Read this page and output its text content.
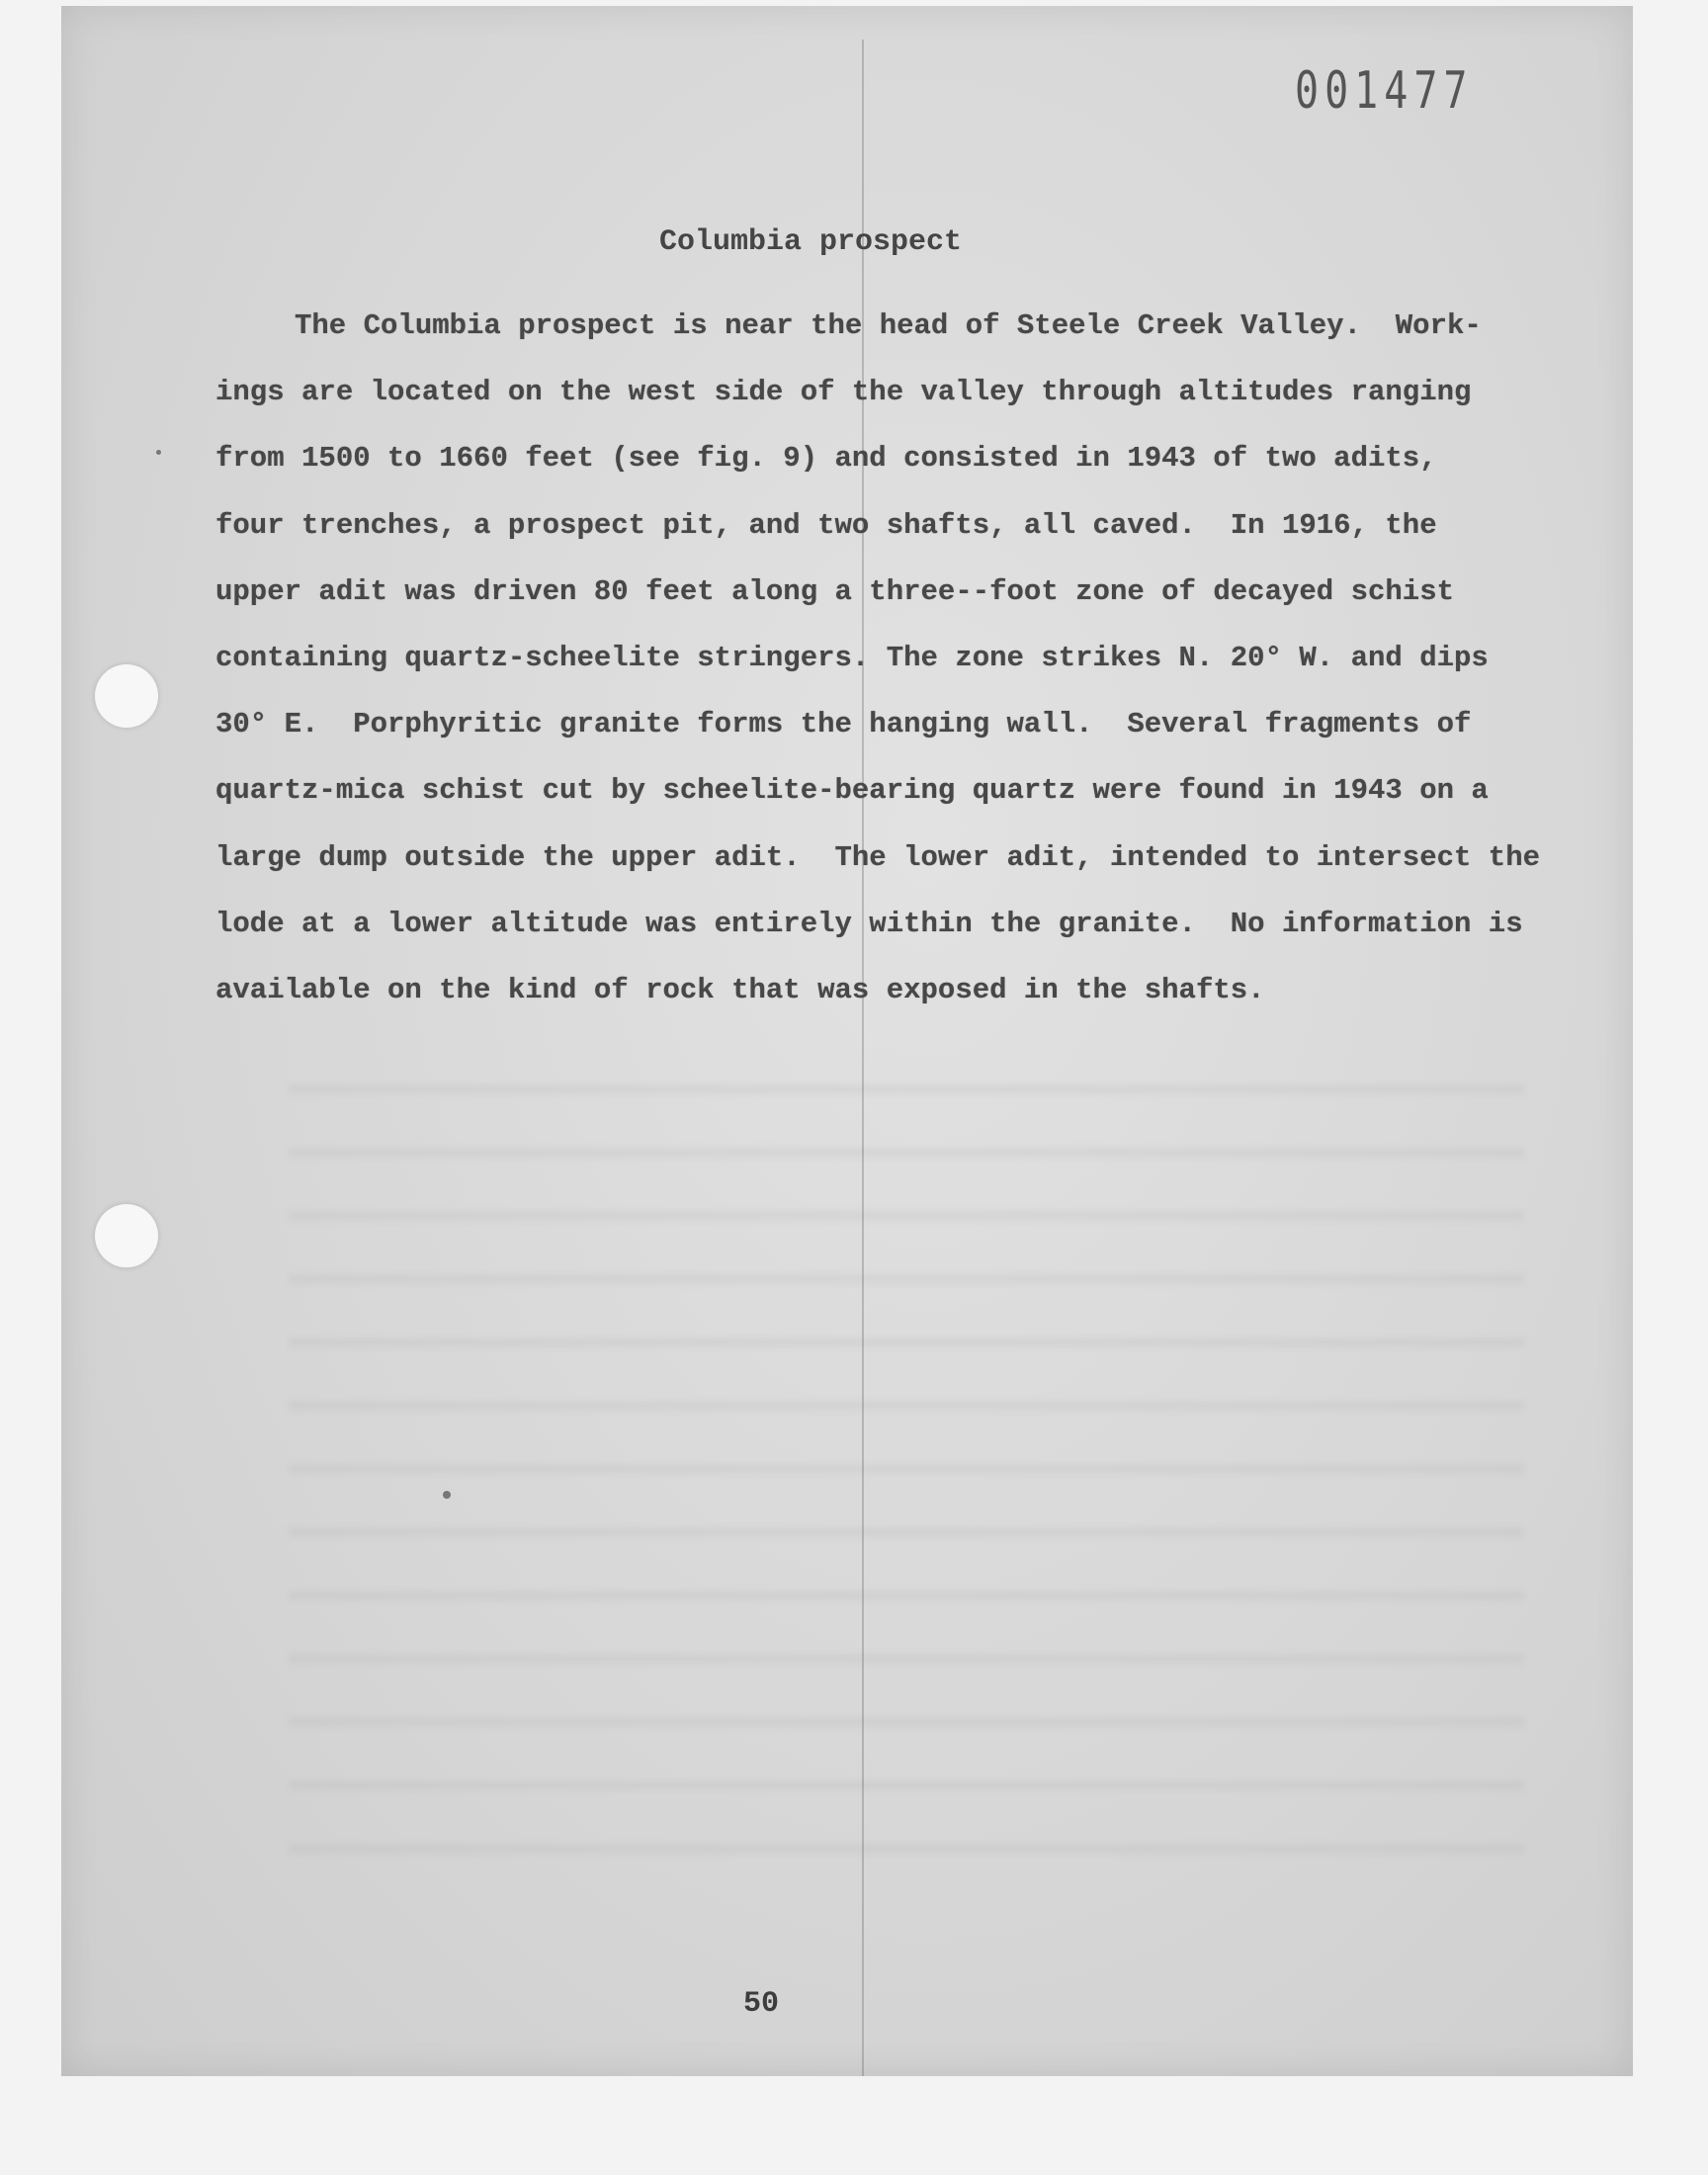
001477
Columbia prospect
The Columbia prospect is near the head of Steele Creek Valley.  Work-
ings are located on the west side of the valley through altitudes ranging
from 1500 to 1660 feet (see fig. 9) and consisted in 1943 of two adits,
four trenches, a prospect pit, and two shafts, all caved.  In 1916, the
upper adit was driven 80 feet along a three--foot zone of decayed schist
containing quartz-scheelite stringers. The zone strikes N. 20° W. and dips
30° E.  Porphyritic granite forms the hanging wall.  Several fragments of
quartz-mica schist cut by scheelite-bearing quartz were found in 1943 on a
large dump outside the upper adit.  The lower adit, intended to intersect the
lode at a lower altitude was entirely within the granite.  No information is
available on the kind of rock that was exposed in the shafts.
50
